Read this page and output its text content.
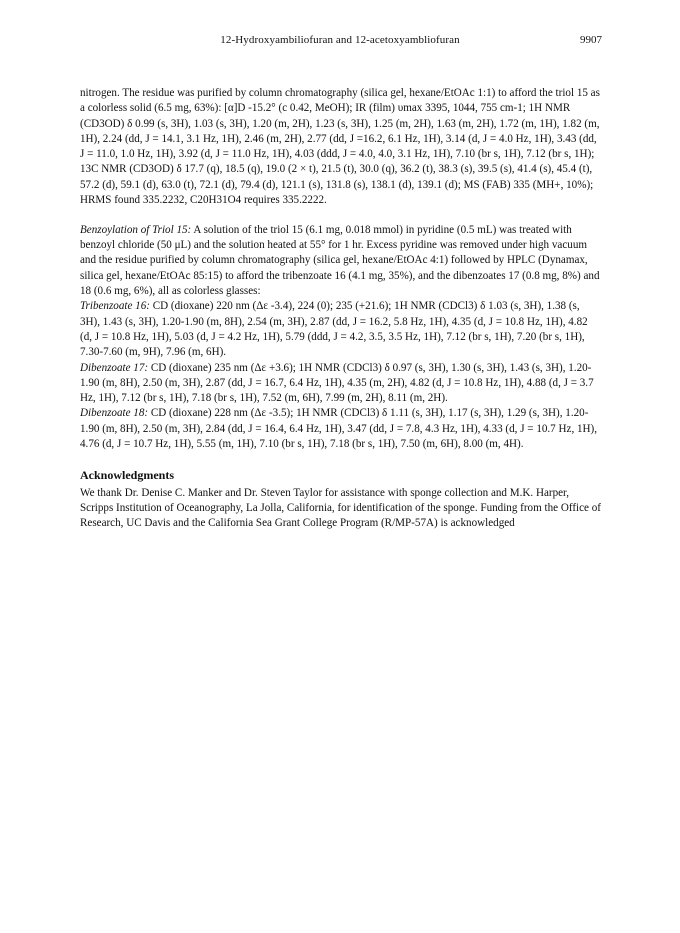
12-Hydroxyambiliofuran and 12-acetoxyambliofuran	9907

nitrogen. The residue was purified by column chromatography (silica gel, hexane/EtOAc 1:1) to afford the triol 15 as a colorless solid (6.5 mg, 63%): [α]D -15.2° (c 0.42, MeOH); IR (film) υmax 3395, 1044, 755 cm-1; 1H NMR (CD3OD) δ 0.99 (s, 3H), 1.03 (s, 3H), 1.20 (m, 2H), 1.23 (s, 3H), 1.25 (m, 2H), 1.63 (m, 2H), 1.72 (m, 1H), 1.82 (m, 1H), 2.24 (dd, J = 14.1, 3.1 Hz, 1H), 2.46 (m, 2H), 2.77 (dd, J =16.2, 6.1 Hz, 1H), 3.14 (d, J = 4.0 Hz, 1H), 3.43 (dd, J = 11.0, 1.0 Hz, 1H), 3.92 (d, J = 11.0 Hz, 1H), 4.03 (ddd, J = 4.0, 4.0, 3.1 Hz, 1H), 7.10 (br s, 1H), 7.12 (br s, 1H); 13C NMR (CD3OD) δ 17.7 (q), 18.5 (q), 19.0 (2 × t), 21.5 (t), 30.0 (q), 36.2 (t), 38.3 (s), 39.5 (s), 41.4 (s), 45.4 (t), 57.2 (d), 59.1 (d), 63.0 (t), 72.1 (d), 79.4 (d), 121.1 (s), 131.8 (s), 138.1 (d), 139.1 (d); MS (FAB) 335 (MH+, 10%); HRMS found 335.2232, C20H31O4 requires 335.2222.

Benzoylation of Triol 15: A solution of the triol 15 (6.1 mg, 0.018 mmol) in pyridine (0.5 mL) was treated with benzoyl chloride (50 μL) and the solution heated at 55° for 1 hr. Excess pyridine was removed under high vacuum and the residue purified by column chromatography (silica gel, hexane/EtOAc 4:1) followed by HPLC (Dynamax, silica gel, hexane/EtOAc 85:15) to afford the tribenzoate 16 (4.1 mg, 35%), and the dibenzoates 17 (0.8 mg, 8%) and 18 (0.6 mg, 6%), all as colorless glasses:

Tribenzoate 16: CD (dioxane) 220 nm (Δε -3.4), 224 (0); 235 (+21.6); 1H NMR (CDCl3) δ 1.03 (s, 3H), 1.38 (s, 3H), 1.43 (s, 3H), 1.20-1.90 (m, 8H), 2.54 (m, 3H), 2.87 (dd, J = 16.2, 5.8 Hz, 1H), 4.35 (d, J = 10.8 Hz, 1H), 4.82 (d, J = 10.8 Hz, 1H), 5.03 (d, J = 4.2 Hz, 1H), 5.79 (ddd, J = 4.2, 3.5, 3.5 Hz, 1H), 7.12 (br s, 1H), 7.20 (br s, 1H), 7.30-7.60 (m, 9H), 7.96 (m, 6H).

Dibenzoate 17: CD (dioxane) 235 nm (Δε +3.6); 1H NMR (CDCl3) δ 0.97 (s, 3H), 1.30 (s, 3H), 1.43 (s, 3H), 1.20-1.90 (m, 8H), 2.50 (m, 3H), 2.87 (dd, J = 16.7, 6.4 Hz, 1H), 4.35 (m, 2H), 4.82 (d, J = 10.8 Hz, 1H), 4.88 (d, J = 3.7 Hz, 1H), 7.12 (br s, 1H), 7.18 (br s, 1H), 7.52 (m, 6H), 7.99 (m, 2H), 8.11 (m, 2H).

Dibenzoate 18: CD (dioxane) 228 nm (Δε -3.5); 1H NMR (CDCl3) δ 1.11 (s, 3H), 1.17 (s, 3H), 1.29 (s, 3H), 1.20-1.90 (m, 8H), 2.50 (m, 3H), 2.84 (dd, J = 16.4, 6.4 Hz, 1H), 3.47 (dd, J = 7.8, 4.3 Hz, 1H), 4.33 (d, J = 10.7 Hz, 1H), 4.76 (d, J = 10.7 Hz, 1H), 5.55 (m, 1H), 7.10 (br s, 1H), 7.18 (br s, 1H), 7.50 (m, 6H), 8.00 (m, 4H).

Acknowledgments

We thank Dr. Denise C. Manker and Dr. Steven Taylor for assistance with sponge collection and M.K. Harper, Scripps Institution of Oceanography, La Jolla, California, for identification of the sponge. Funding from the Office of Research, UC Davis and the California Sea Grant College Program (R/MP-57A) is acknowledged
